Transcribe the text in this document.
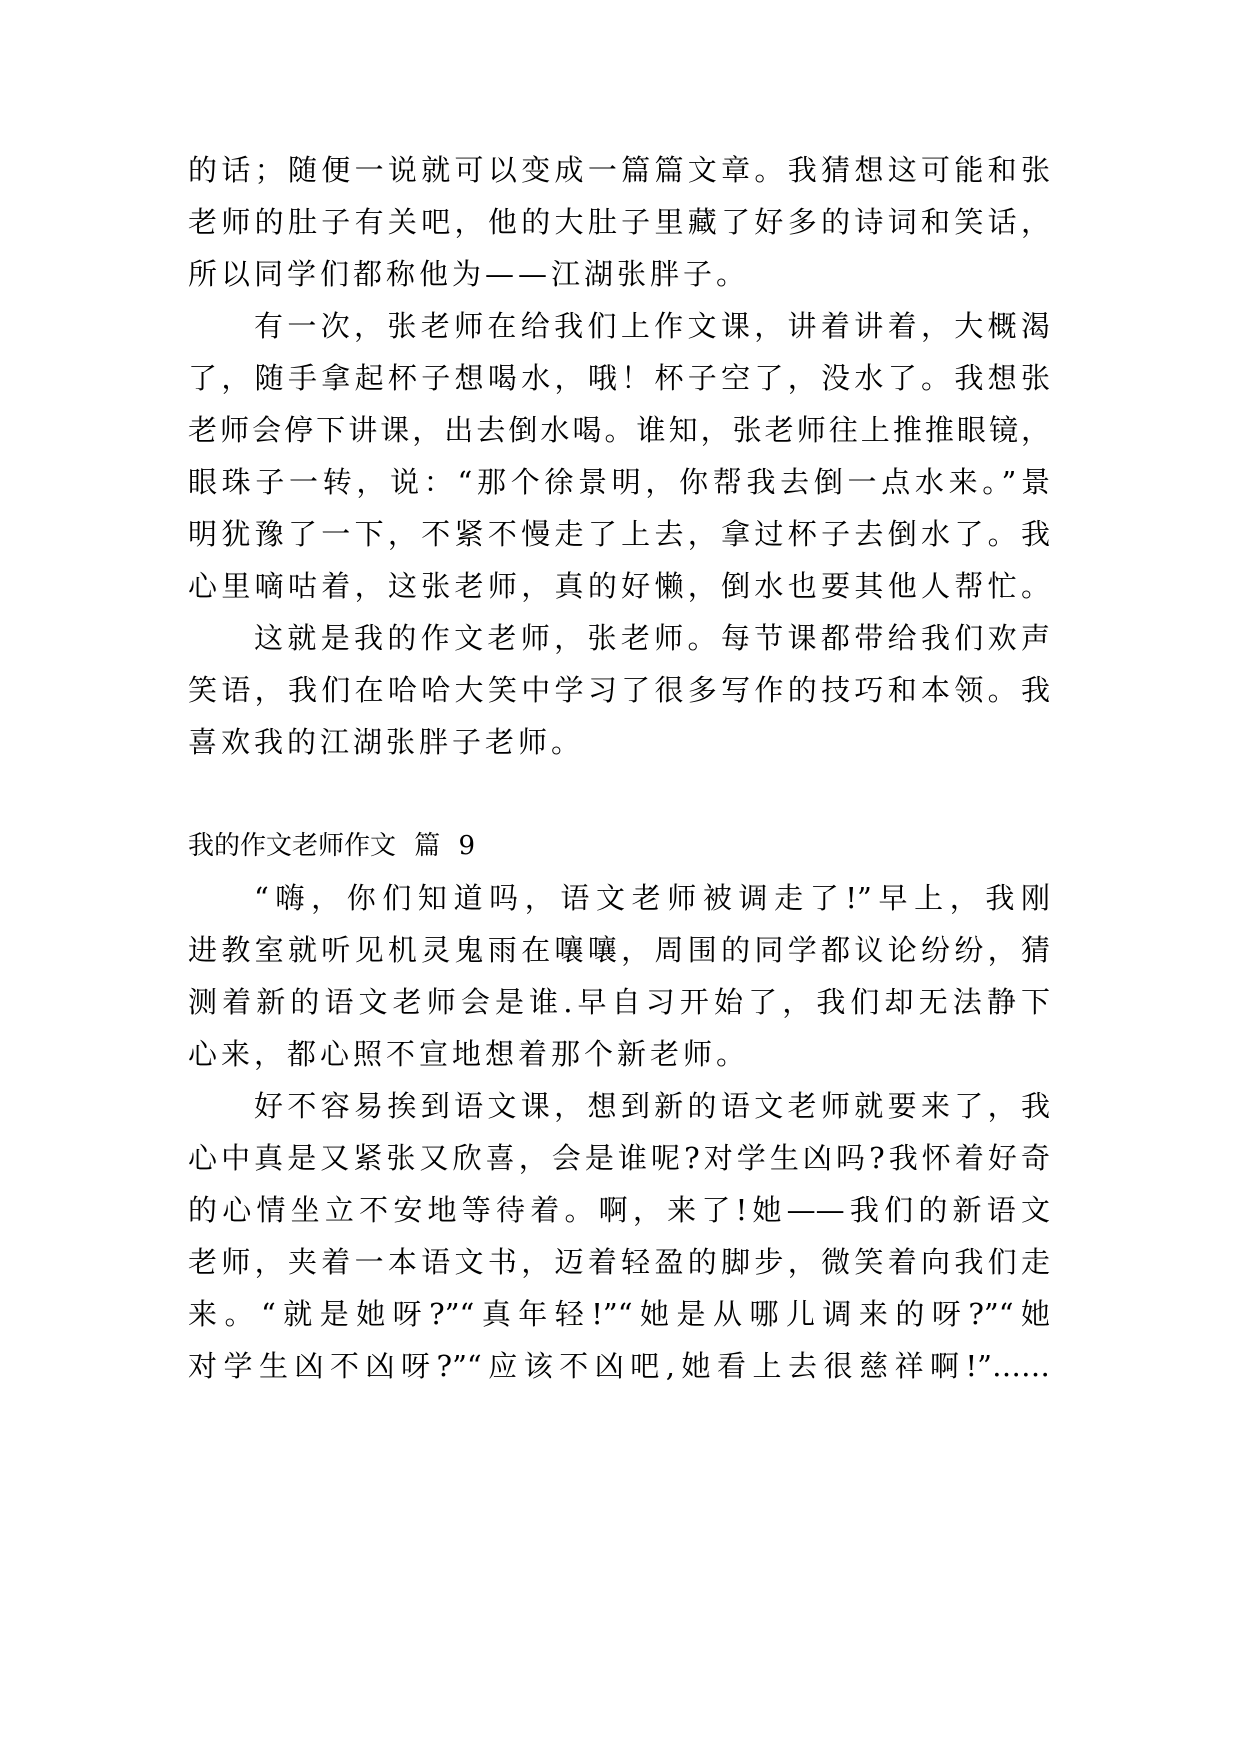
的话；随便一说就可以变成一篇篇文章。我猜想这可能和张
老师的肚子有关吧，他的大肚子里藏了好多的诗词和笑话，
所以同学们都称他为——江湖张胖子。
有一次，张老师在给我们上作文课，讲着讲着，大概渴
了，随手拿起杯子想喝水，哦！杯子空了，没水了。我想张
老师会停下讲课，出去倒水喝。谁知，张老师往上推推眼镜，
眼珠子一转，说：“那个徐景明，你帮我去倒一点水来。”景
明犹豫了一下，不紧不慢走了上去，拿过杯子去倒水了。我
心里嘀咕着，这张老师，真的好懒，倒水也要其他人帮忙。
这就是我的作文老师，张老师。每节课都带给我们欢声
笑语，我们在哈哈大笑中学习了很多写作的技巧和本领。我
喜欢我的江湖张胖子老师。
我的作文老师作文 篇 9
“嗨，你们知道吗，语文老师被调走了!”早上，我刚
进教室就听见机灵鬼雨在嚷嚷，周围的同学都议论纷纷，猜
测着新的语文老师会是谁.早自习开始了，我们却无法静下
心来，都心照不宣地想着那个新老师。
好不容易挨到语文课，想到新的语文老师就要来了，我
心中真是又紧张又欣喜，会是谁呢?对学生凶吗?我怀着好奇
的心情坐立不安地等待着。啊，来了!她——我们的新语文
老师，夹着一本语文书，迈着轻盈的脚步，微笑着向我们走
来。“就是她呀?”“真年轻!”“她是从哪儿调来的呀?”“她
对学生凶不凶呀?”“应该不凶吧,她看上去很慈祥啊!”……
